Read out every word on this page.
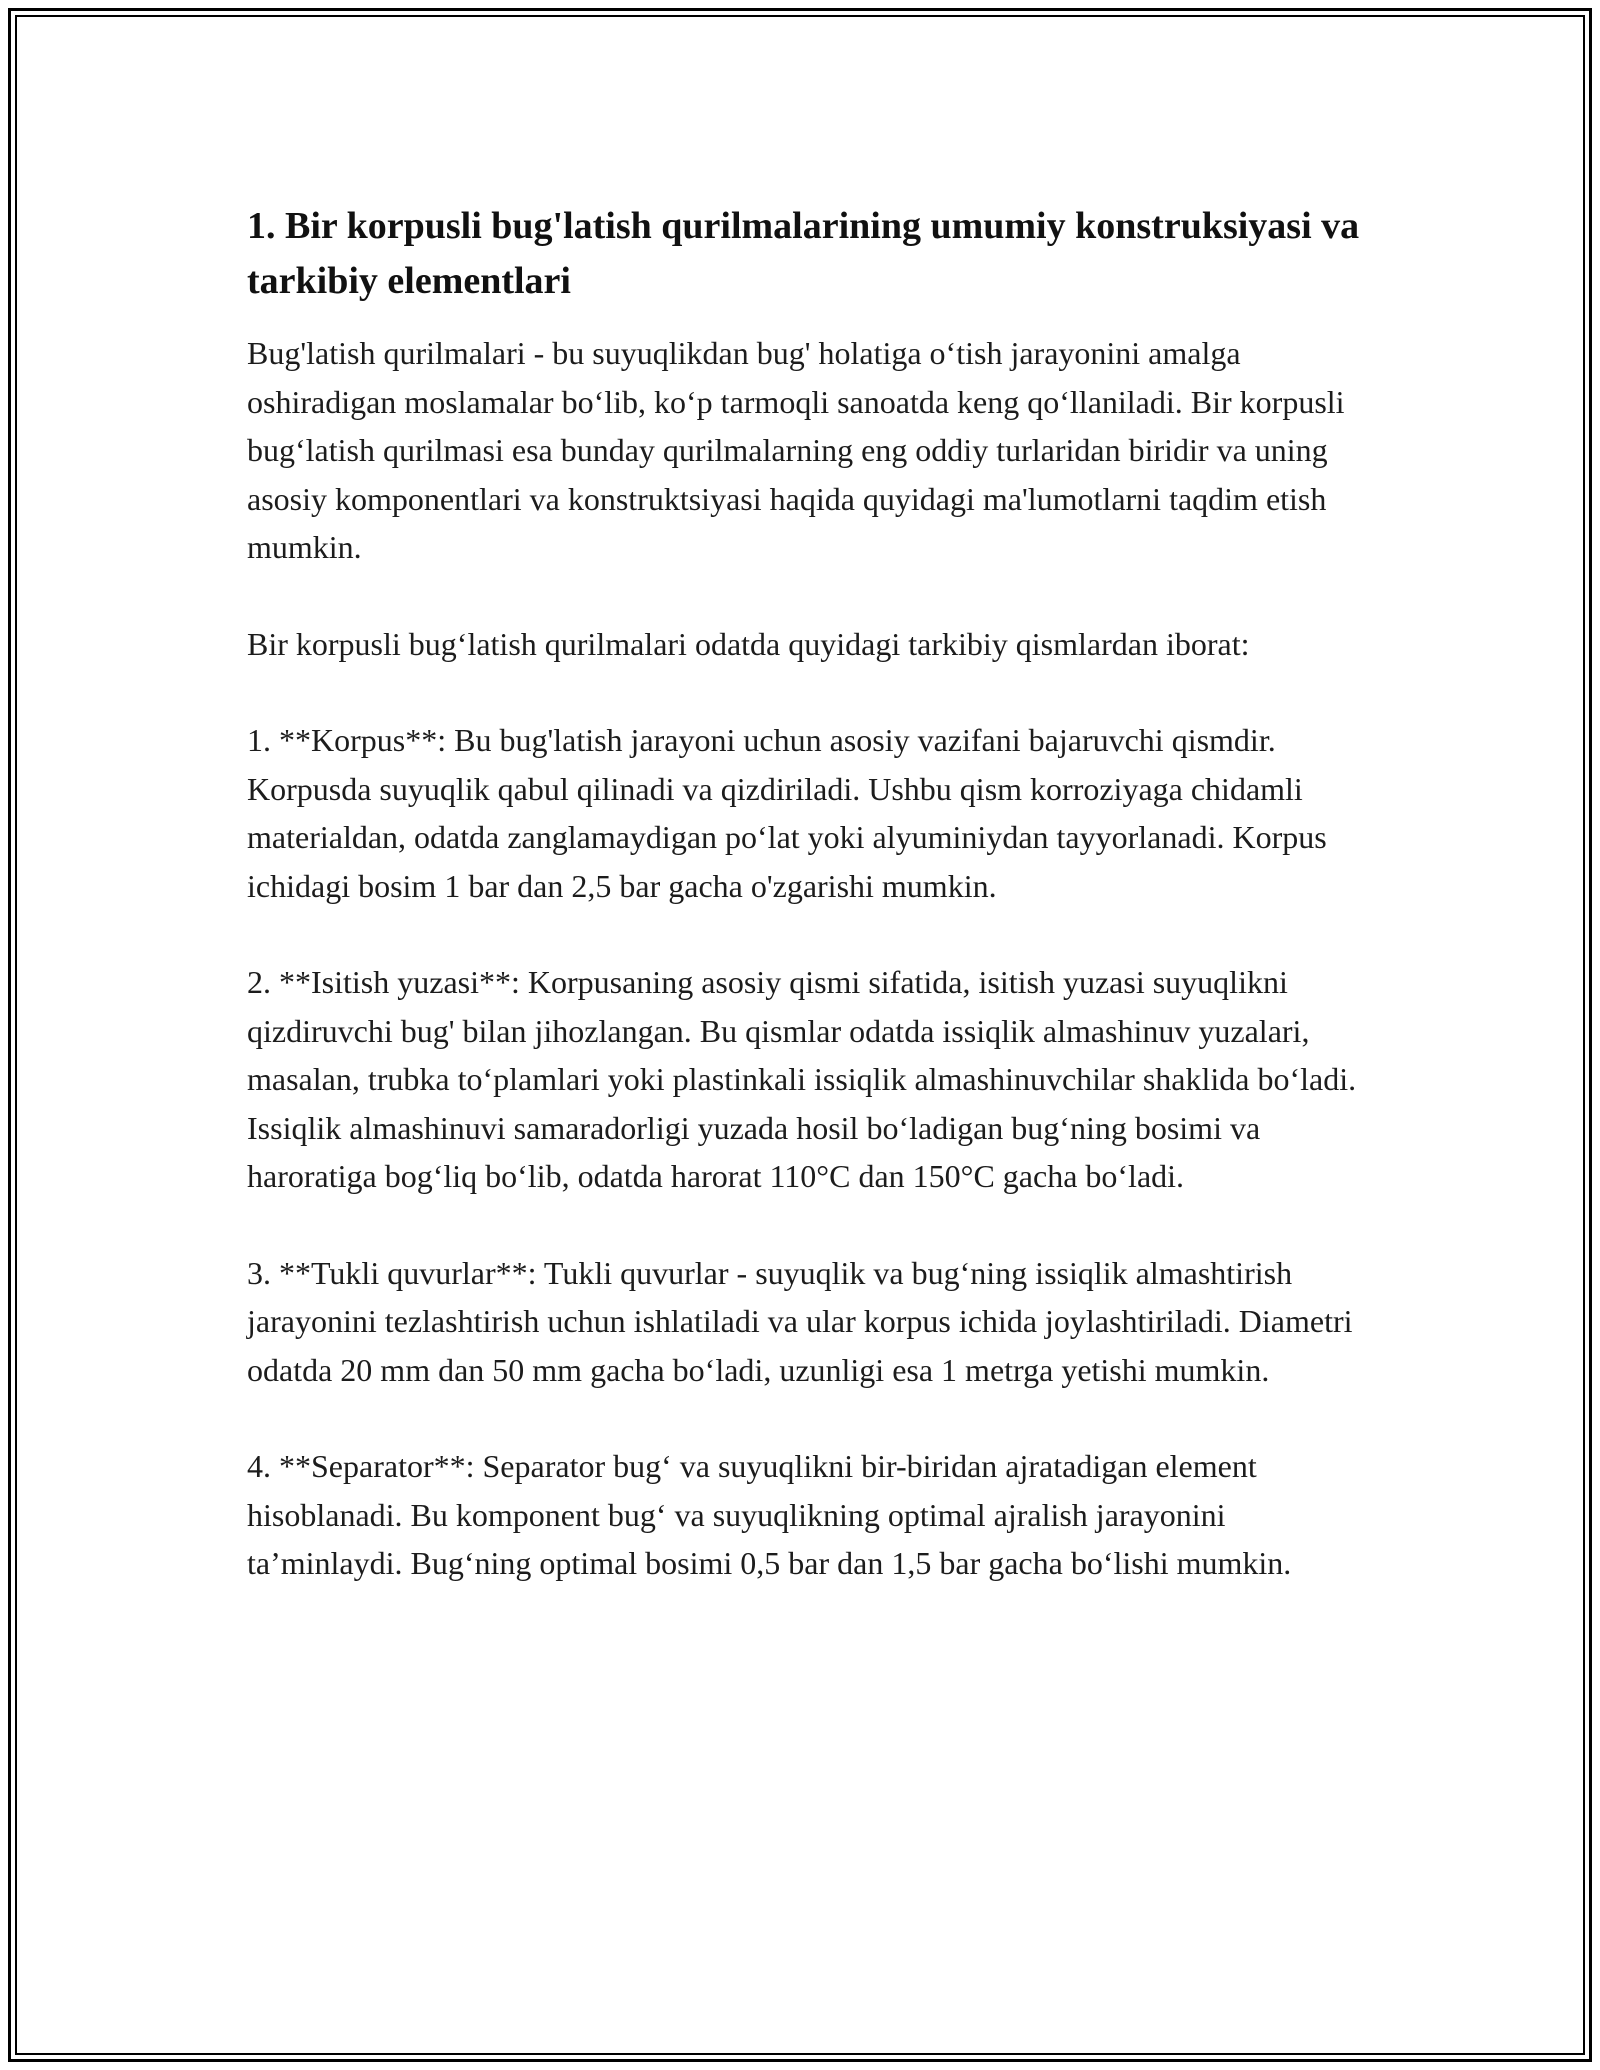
1. Bir korpusli bug'latish qurilmalarining umumiy konstruksiyasi va tarkibiy elementlari

Bug'latish qurilmalari - bu suyuqlikdan bug' holatiga o‘tish jarayonini amalga oshiradigan moslamalar bo‘lib, ko‘p tarmoqli sanoatda keng qo‘llaniladi. Bir korpusli bug‘latish qurilmasi esa bunday qurilmalarning eng oddiy turlaridan biridir va uning asosiy komponentlari va konstruktsiyasi haqida quyidagi ma'lumotlarni taqdim etish mumkin.

Bir korpusli bug‘latish qurilmalari odatda quyidagi tarkibiy qismlardan iborat:

1. **Korpus**: Bu bug'latish jarayoni uchun asosiy vazifani bajaruvchi qismdir. Korpusda suyuqlik qabul qilinadi va qizdiriladi. Ushbu qism korroziyaga chidamli materialdan, odatda zanglamaydigan po‘lat yoki alyuminiydan tayyorlanadi. Korpus ichidagi bosim 1 bar dan 2,5 bar gacha o'zgarishi mumkin.

2. **Isitish yuzasi**: Korpusaning asosiy qismi sifatida, isitish yuzasi suyuqlikni qizdiruvchi bug' bilan jihozlangan. Bu qismlar odatda issiqlik almashinuv yuzalari, masalan, trubka to‘plamlari yoki plastinkali issiqlik almashinuvchilar shaklida bo‘ladi. Issiqlik almashinuvi samaradorligi yuzada hosil bo‘ladigan bug‘ning bosimi va haroratiga bog‘liq bo‘lib, odatda harorat 110°C dan 150°C gacha bo‘ladi.

3. **Tukli quvurlar**: Tukli quvurlar - suyuqlik va bug‘ning issiqlik almashtirish jarayonini tezlashtirish uchun ishlatiladi va ular korpus ichida joylashtiriladi. Diametri odatda 20 mm dan 50 mm gacha bo‘ladi, uzunligi esa 1 metrga yetishi mumkin.

4. **Separator**: Separator bug‘ va suyuqlikni bir-biridan ajratadigan element hisoblanadi. Bu komponent bug‘ va suyuqlikning optimal ajralish jarayonini ta’minlaydi. Bug‘ning optimal bosimi 0,5 bar dan 1,5 bar gacha bo‘lishi mumkin.
